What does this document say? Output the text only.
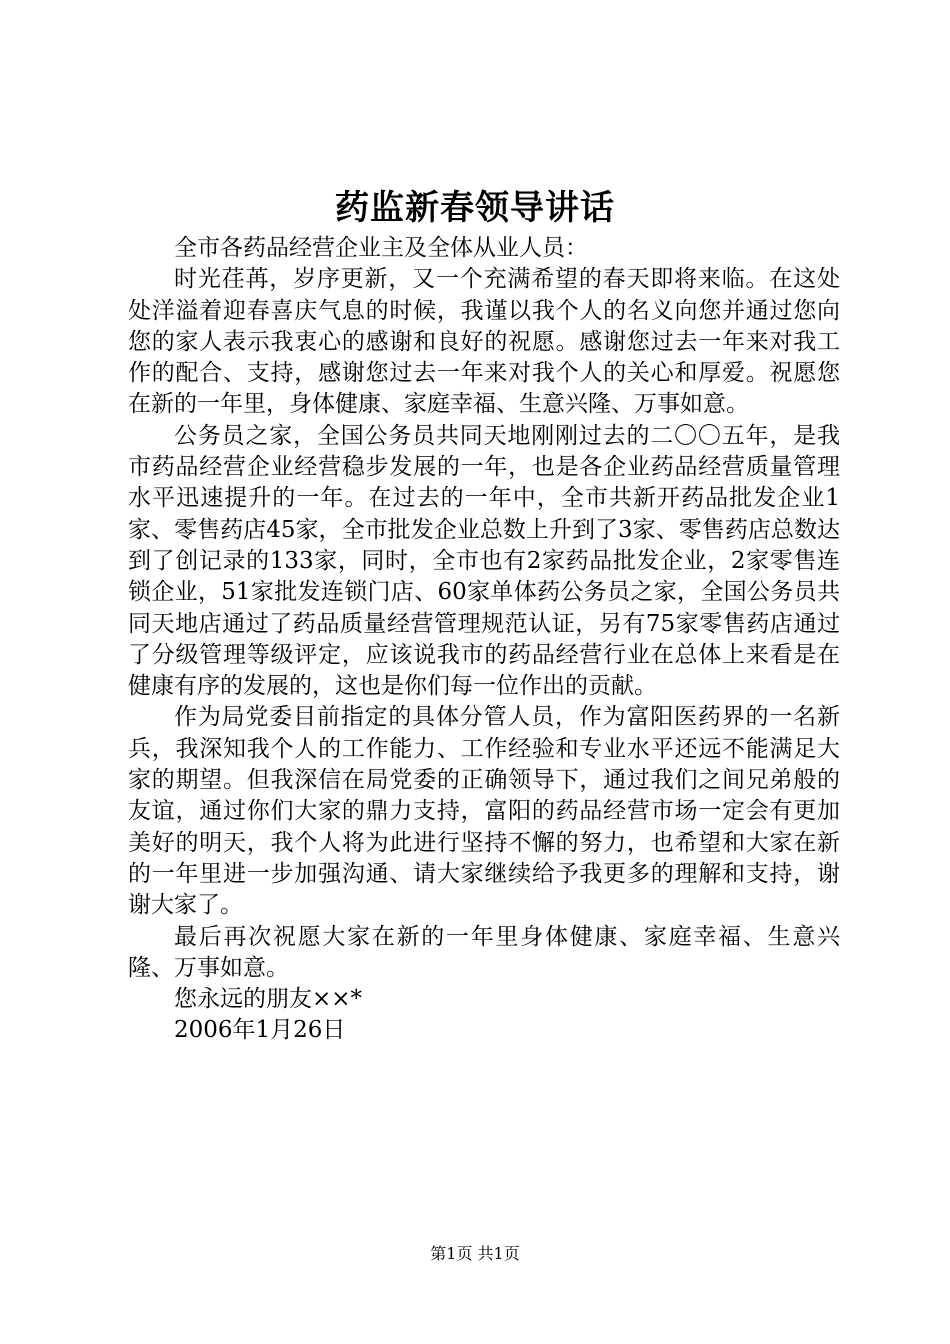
药监新春领导讲话

全市各药品经营企业主及全体从业人员：

时光荏苒，岁序更新，又一个充满希望的春天即将来临。在这处处洋溢着迎春喜庆气息的时候，我谨以我个人的名义向您并通过您向您的家人表示我衷心的感谢和良好的祝愿。感谢您过去一年来对我工作的配合、支持，感谢您过去一年来对我个人的关心和厚爱。祝愿您在新的一年里，身体健康、家庭幸福、生意兴隆、万事如意。

公务员之家，全国公务员共同天地刚刚过去的二〇〇五年，是我市药品经营企业经营稳步发展的一年，也是各企业药品经营质量管理水平迅速提升的一年。在过去的一年中，全市共新开药品批发企业1家、零售药店45家，全市批发企业总数上升到了3家、零售药店总数达到了创记录的133家，同时，全市也有2家药品批发企业，2家零售连锁企业，51家批发连锁门店、60家单体药公务员之家，全国公务员共同天地店通过了药品质量经营管理规范认证，另有75家零售药店通过了分级管理等级评定，应该说我市的药品经营行业在总体上来看是在健康有序的发展的，这也是你们每一位作出的贡献。

作为局党委目前指定的具体分管人员，作为富阳医药界的一名新兵，我深知我个人的工作能力、工作经验和专业水平还远不能满足大家的期望。但我深信在局党委的正确领导下，通过我们之间兄弟般的友谊，通过你们大家的鼎力支持，富阳的药品经营市场一定会有更加美好的明天，我个人将为此进行坚持不懈的努力，也希望和大家在新的一年里进一步加强沟通、请大家继续给予我更多的理解和支持，谢谢大家了。

最后再次祝愿大家在新的一年里身体健康、家庭幸福、生意兴隆、万事如意。

您永远的朋友××*

2006年1月26日

第1页 共1页
